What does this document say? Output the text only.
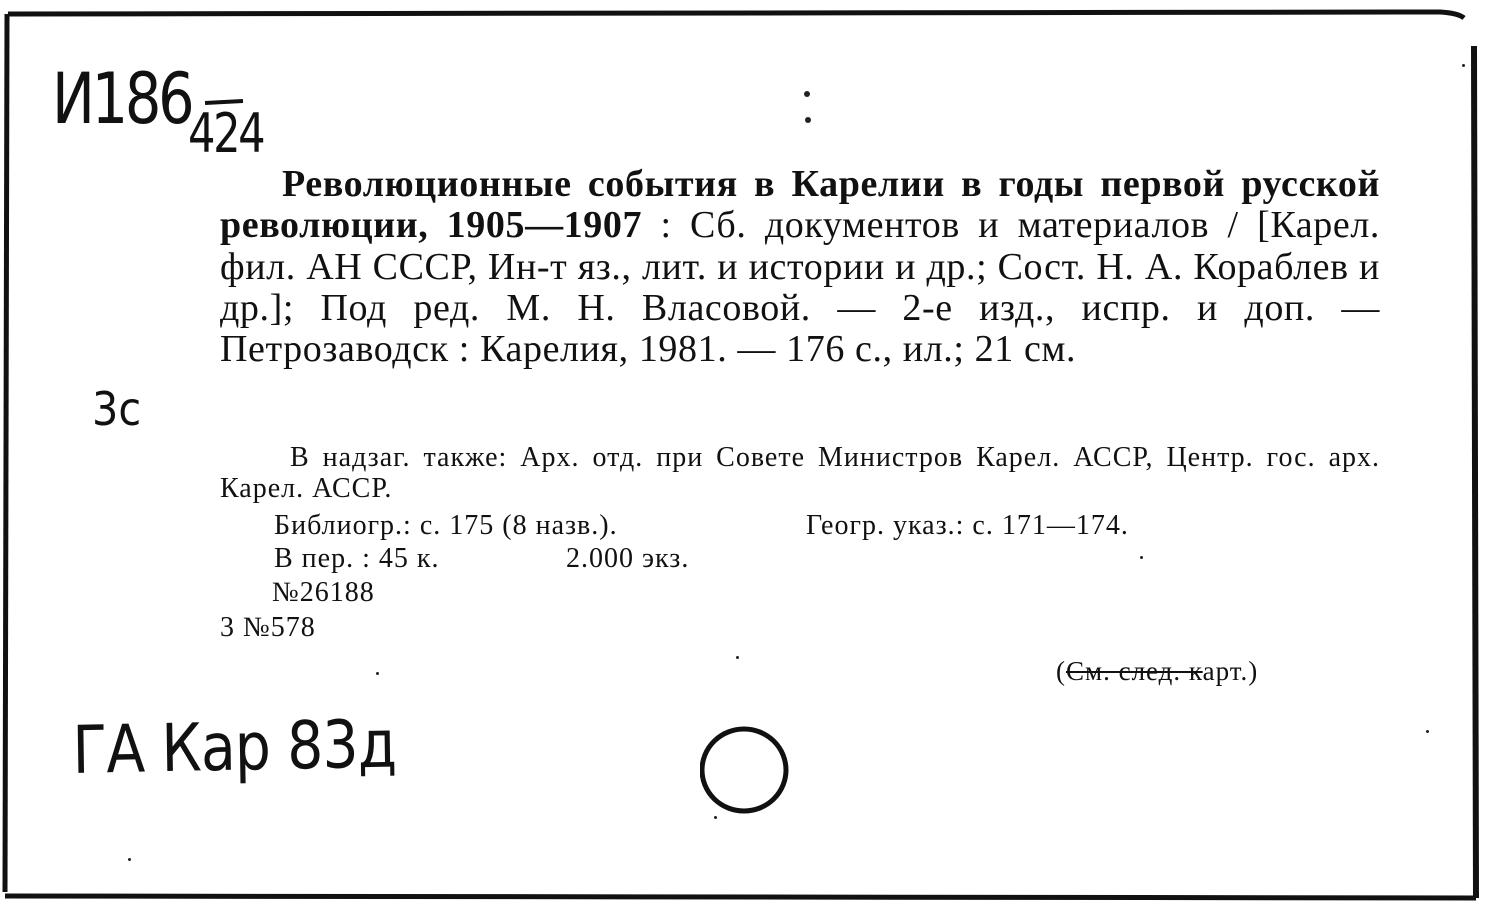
И186
424

Революционные события в Карелии в годы первой русской революции, 1905—1907 : Сб. документов и материалов / [Карел. фил. АН СССР, Ин-т яз., лит. и истории и др.; Сост. Н. А. Кораблев и др.]; Под ред. М. Н. Власовой. — 2-е изд., испр. и доп. — Петрозаводск : Карелия, 1981. — 176 с., ил.; 21 см.

3с

В надзаг. также: Арх. отд. при Совете Министров Карел. АССР, Центр. гос. арх. Карел. АССР.

Библиогр.: с. 175 (8 назв.).	Геогр. указ.: с. 171—174.
В пер. : 45 к.	2.000 экз.
№26188
3 №578
(См. след. карт.)
ГА Кар 83д
